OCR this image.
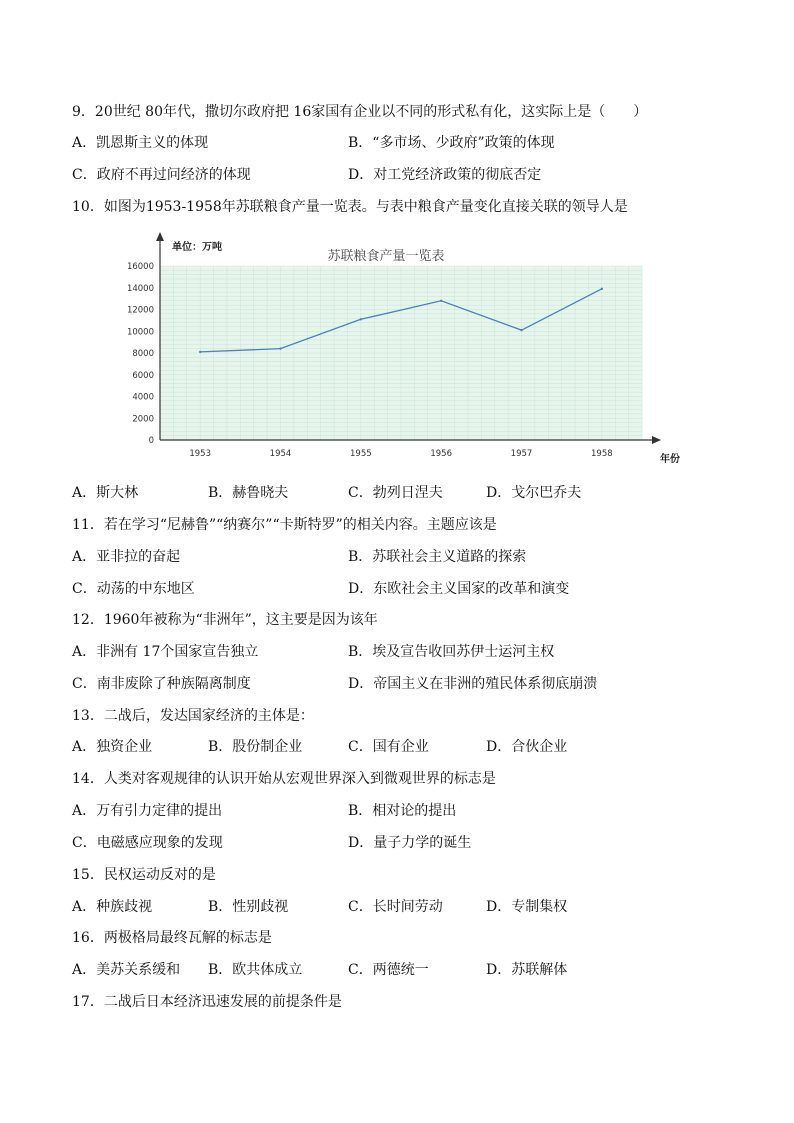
9．20世纪 80年代，撒切尔政府把 16家国有企业以不同的形式私有化，这实际上是（　　）
A．凯恩斯主义的体现	B．“多市场、少政府”政策的体现
C．政府不再过问经济的体现	D．对工党经济政策的彻底否定
10．如图为1953-1958年苏联粮食产量一览表。与表中粮食产量变化直接关联的领导人是
0
2000
4000
6000
8000
10000
12000
14000
16000
1953	1954	1955	1956	1957	1958
苏联粮食产量一览表
单位：万吨
年份
A．斯大林	B．赫鲁晓夫	C．勃列日涅夫	D．戈尔巴乔夫
11．若在学习“尼赫鲁”“纳赛尔”“卡斯特罗”的相关内容。主题应该是
A．亚非拉的奋起	B．苏联社会主义道路的探索
C．动荡的中东地区	D．东欧社会主义国家的改革和演变
12．1960年被称为“非洲年”，这主要是因为该年
A．非洲有 17个国家宣告独立	B．埃及宣告收回苏伊士运河主权
C．南非废除了种族隔离制度	D．帝国主义在非洲的殖民体系彻底崩溃
13．二战后，发达国家经济的主体是：
A．独资企业	B．股份制企业	C．国有企业	D．合伙企业
14．人类对客观规律的认识开始从宏观世界深入到微观世界的标志是
A．万有引力定律的提出	B．相对论的提出
C．电磁感应现象的发现	D．量子力学的诞生
15．民权运动反对的是
A．种族歧视	B．性别歧视	C．长时间劳动	D．专制集权
16．两极格局最终瓦解的标志是
A．美苏关系缓和 B．欧共体成立	C．两德统一	D．苏联解体
17．二战后日本经济迅速发展的前提条件是
